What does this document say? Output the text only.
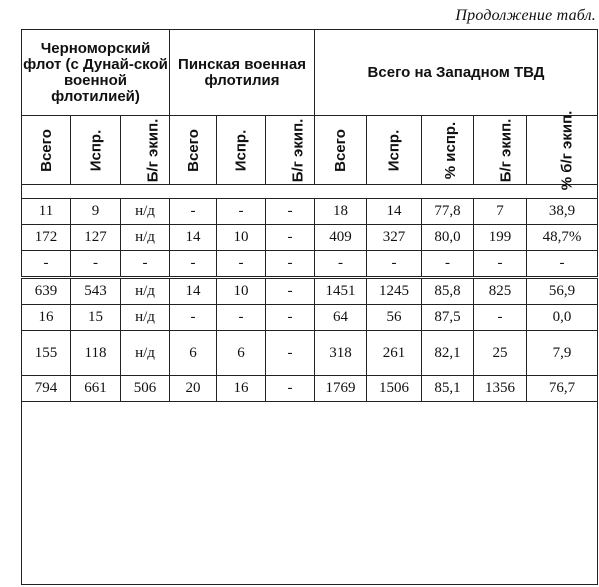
Продолжение табл.
Черноморский флот (с Дунай-ской военной флотилией)			Пинская военная флотилия			Всего на Западном ТВД				
Всего	Испр.	Б/г экип.	Всего	Испр.	Б/г экип.	Всего	Испр.	% испр.	Б/г экип.	% б/г экип.

11	9	н/д	-	-	-	18	14	77,8	7	38,9
172	127	н/д	14	10	-	409	327	80,0	199	48,7%
-	-	-	-	-	-	-	-	-	-	-
639	543	н/д	14	10	-	1451	1245	85,8	825	56,9
16	15	н/д	-	-	-	64	56	87,5	-	0,0
155	118	н/д	6	6	-	318	261	82,1	25	7,9
794	661	506	20	16	-	1769	1506	85,1	1356	76,7
